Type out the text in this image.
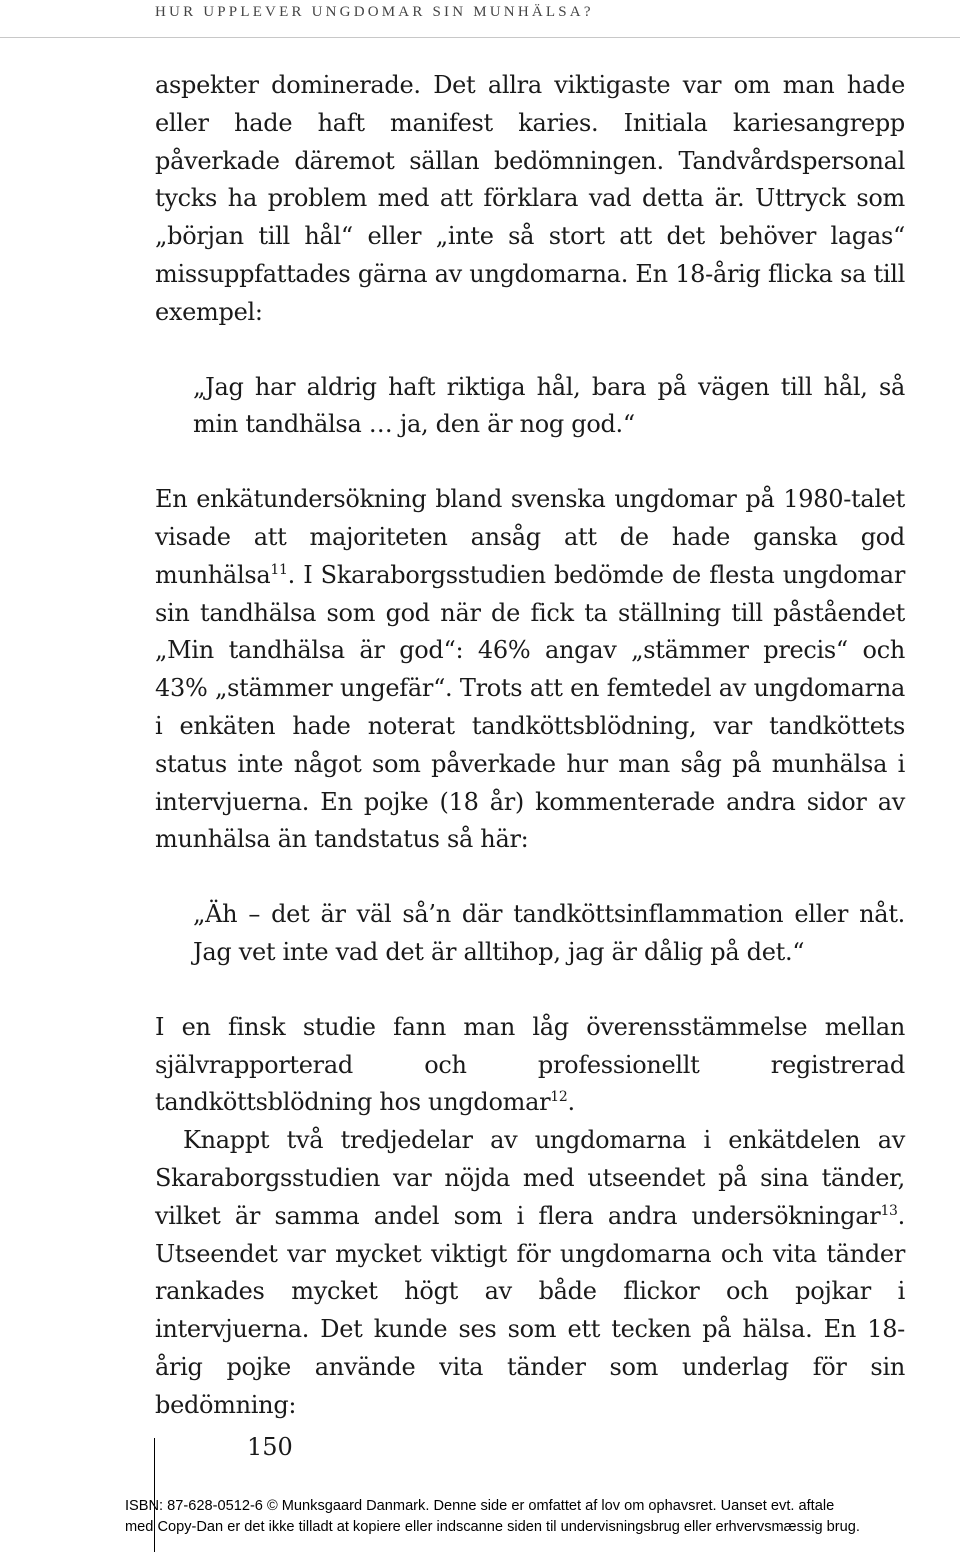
HUR UPPLEVER UNGDOMAR SIN MUNHÄLSA?

aspekter dominerade. Det allra viktigaste var om man hade eller hade haft manifest karies. Initiala kariesangrepp påverkade däremot sällan bedömningen. Tandvårdspersonal tycks ha problem med att förklara vad detta är. Uttryck som „början till hål“ eller „inte så stort att det behöver lagas“ missuppfattades gärna av ungdomarna. En 18-årig flicka sa till exempel:

„Jag har aldrig haft riktiga hål, bara på vägen till hål, så min tandhälsa … ja, den är nog god.“

En enkätundersökning bland svenska ungdomar på 1980-talet visade att majoriteten ansåg att de hade ganska god munhälsa$^{11}$. I Skaraborgsstudien bedömde de flesta ungdomar sin tandhälsa som god när de fick ta ställning till påståendet „Min tandhälsa är god“: 46% angav „stämmer precis“ och 43% „stämmer ungefär“. Trots att en femtedel av ungdomarna i enkäten hade noterat tandköttsblödning, var tandköttets status inte något som påverkade hur man såg på munhälsa i intervjuerna. En pojke (18 år) kommenterade andra sidor av munhälsa än tandstatus så här:

„Äh – det är väl så’n där tandköttsinflammation eller nåt. Jag vet inte vad det är alltihop, jag är dålig på det.“

I en finsk studie fann man låg överensstämmelse mellan självrapporterad och professionellt registrerad tandköttsblödning hos ungdomar$^{12}$.

Knappt två tredjedelar av ungdomarna i enkätdelen av Skaraborgsstudien var nöjda med utseendet på sina tänder, vilket är samma andel som i flera andra undersökningar$^{13}$. Utseendet var mycket viktigt för ungdomarna och vita tänder rankades mycket högt av både flickor och pojkar i intervjuerna. Det kunde ses som ett tecken på hälsa. En 18-årig pojke använde vita tänder som underlag för sin bedömning:

150
ISBN: 87-628-0512-6 © Munksgaard Danmark. Denne side er omfattet af lov om ophavsret. Uanset evt. aftale
med Copy-Dan er det ikke tilladt at kopiere eller indscanne siden til undervisningsbrug eller erhvervsmæssig brug.
